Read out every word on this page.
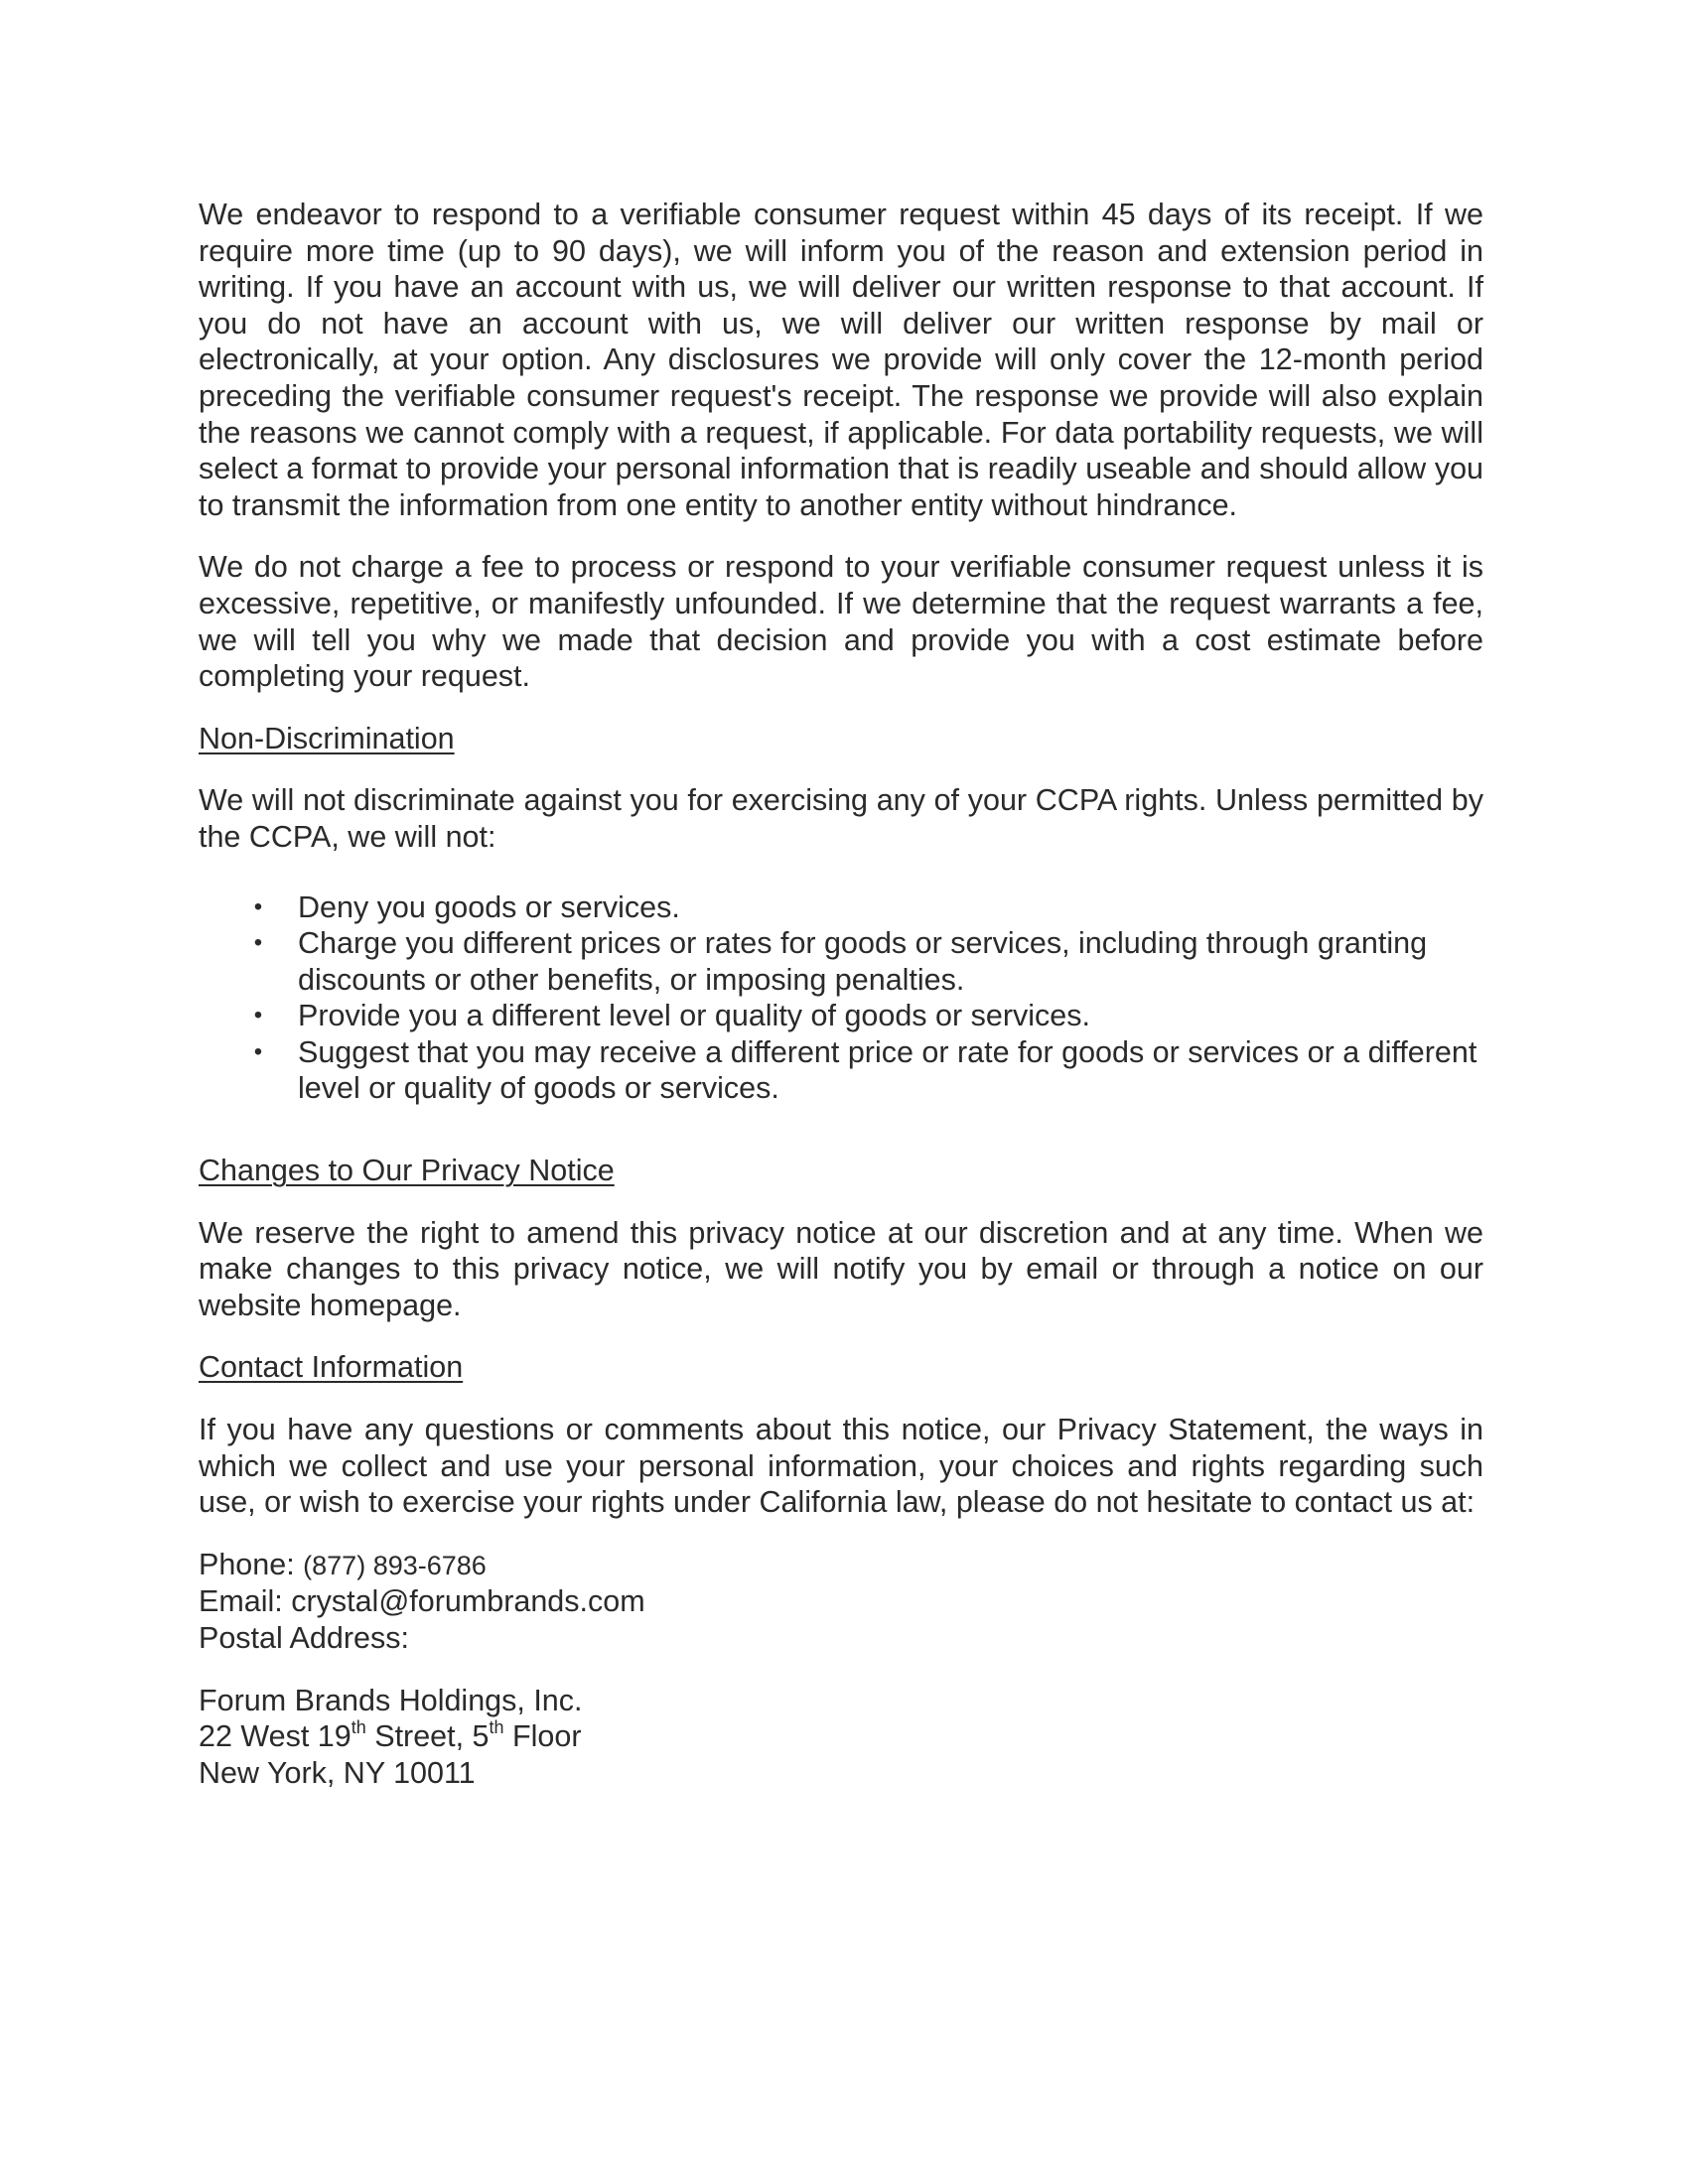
We endeavor to respond to a verifiable consumer request within 45 days of its receipt. If we require more time (up to 90 days), we will inform you of the reason and extension period in writing. If you have an account with us, we will deliver our written response to that account. If you do not have an account with us, we will deliver our written response by mail or electronically, at your option. Any disclosures we provide will only cover the 12-month period preceding the verifiable consumer request's receipt. The response we provide will also explain the reasons we cannot comply with a request, if applicable. For data portability requests, we will select a format to provide your personal information that is readily useable and should allow you to transmit the information from one entity to another entity without hindrance.

We do not charge a fee to process or respond to your verifiable consumer request unless it is excessive, repetitive, or manifestly unfounded. If we determine that the request warrants a fee, we will tell you why we made that decision and provide you with a cost estimate before completing your request.

Non-Discrimination

We will not discriminate against you for exercising any of your CCPA rights. Unless permitted by the CCPA, we will not:

• Deny you goods or services.
• Charge you different prices or rates for goods or services, including through granting discounts or other benefits, or imposing penalties.
• Provide you a different level or quality of goods or services.
• Suggest that you may receive a different price or rate for goods or services or a different level or quality of goods or services.
Changes to Our Privacy Notice

We reserve the right to amend this privacy notice at our discretion and at any time. When we make changes to this privacy notice, we will notify you by email or through a notice on our website homepage.

Contact Information

If you have any questions or comments about this notice, our Privacy Statement, the ways in which we collect and use your personal information, your choices and rights regarding such use, or wish to exercise your rights under California law, please do not hesitate to contact us at:

Phone: (877) 893-6786
Email: crystal@forumbrands.com
Postal Address:
Forum Brands Holdings, Inc.
22 West 19th Street, 5th Floor
New York, NY 10011
